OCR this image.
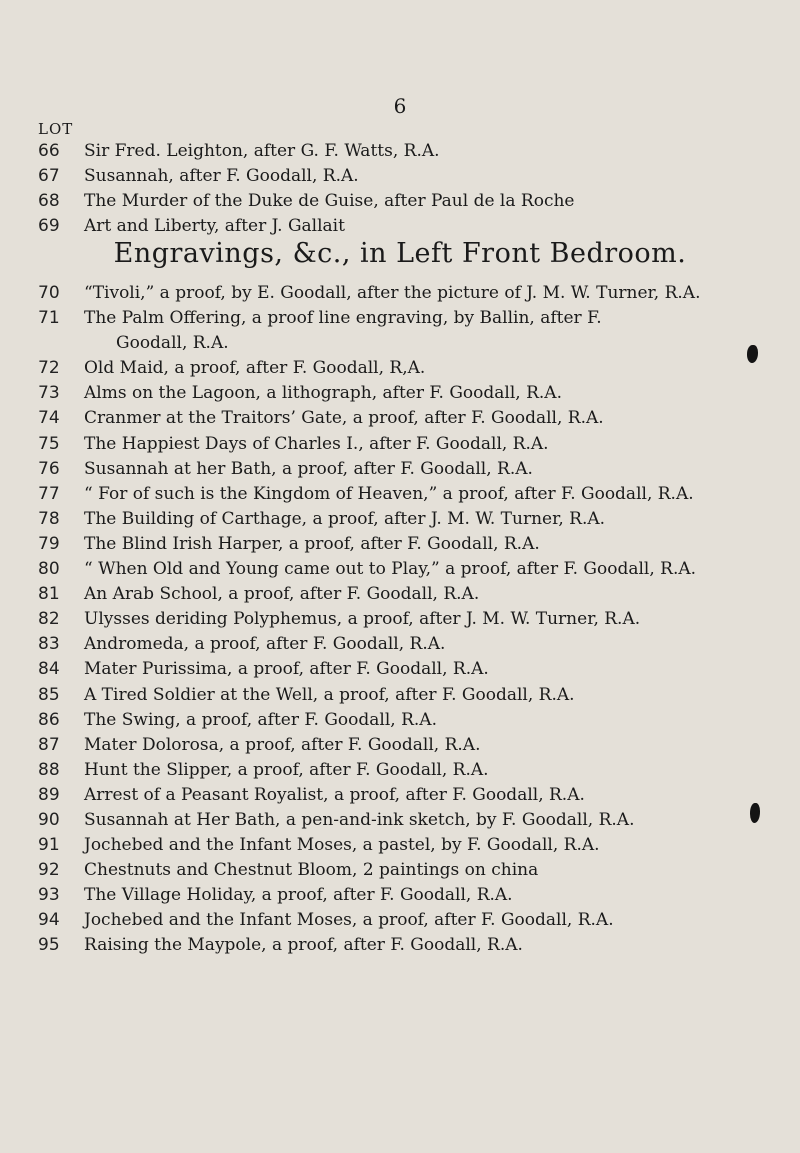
6
LOT
66 Sir Fred. Leighton, after G. F. Watts, R.A.
67 Susannah, after F. Goodall, R.A.
68 The Murder of the Duke de Guise, after Paul de la Roche
69 Art and Liberty, after J. Gallait
Engravings, &c., in Left Front Bedroom.
70 “Tivoli,” a proof, by E. Goodall, after the picture of J. M. W. Turner, R.A.
71 The Palm Offering, a proof line engraving, by Ballin, after F.
Goodall, R.A.
72 Old Maid, a proof, after F. Goodall, R,A.
73 Alms on the Lagoon, a lithograph, after F. Goodall, R.A.
74 Cranmer at the Traitors’ Gate, a proof, after F. Goodall, R.A.
75 The Happiest Days of Charles I., after F. Goodall, R.A.
76 Susannah at her Bath, a proof, after F. Goodall, R.A.
77 “ For of such is the Kingdom of Heaven,” a proof, after F. Goodall, R.A.
78 The Building of Carthage, a proof, after J. M. W. Turner, R.A.
79 The Blind Irish Harper, a proof, after F. Goodall, R.A.
80 “ When Old and Young came out to Play,” a proof, after F. Goodall, R.A.
81 An Arab School, a proof, after F. Goodall, R.A.
82 Ulysses deriding Polyphemus, a proof, after J. M. W. Turner, R.A.
83 Andromeda, a proof, after F. Goodall, R.A.
84 Mater Purissima, a proof, after F. Goodall, R.A.
85 A Tired Soldier at the Well, a proof, after F. Goodall, R.A.
86 The Swing, a proof, after F. Goodall, R.A.
87 Mater Dolorosa, a proof, after F. Goodall, R.A.
88 Hunt the Slipper, a proof, after F. Goodall, R.A.
89 Arrest of a Peasant Royalist, a proof, after F. Goodall, R.A.
90 Susannah at Her Bath, a pen-and-ink sketch, by F. Goodall, R.A.
91 Jochebed and the Infant Moses, a pastel, by F. Goodall, R.A.
92 Chestnuts and Chestnut Bloom, 2 paintings on china
93 The Village Holiday, a proof, after F. Goodall, R.A.
94 Jochebed and the Infant Moses, a proof, after F. Goodall, R.A.
95 Raising the Maypole, a proof, after F. Goodall, R.A.
